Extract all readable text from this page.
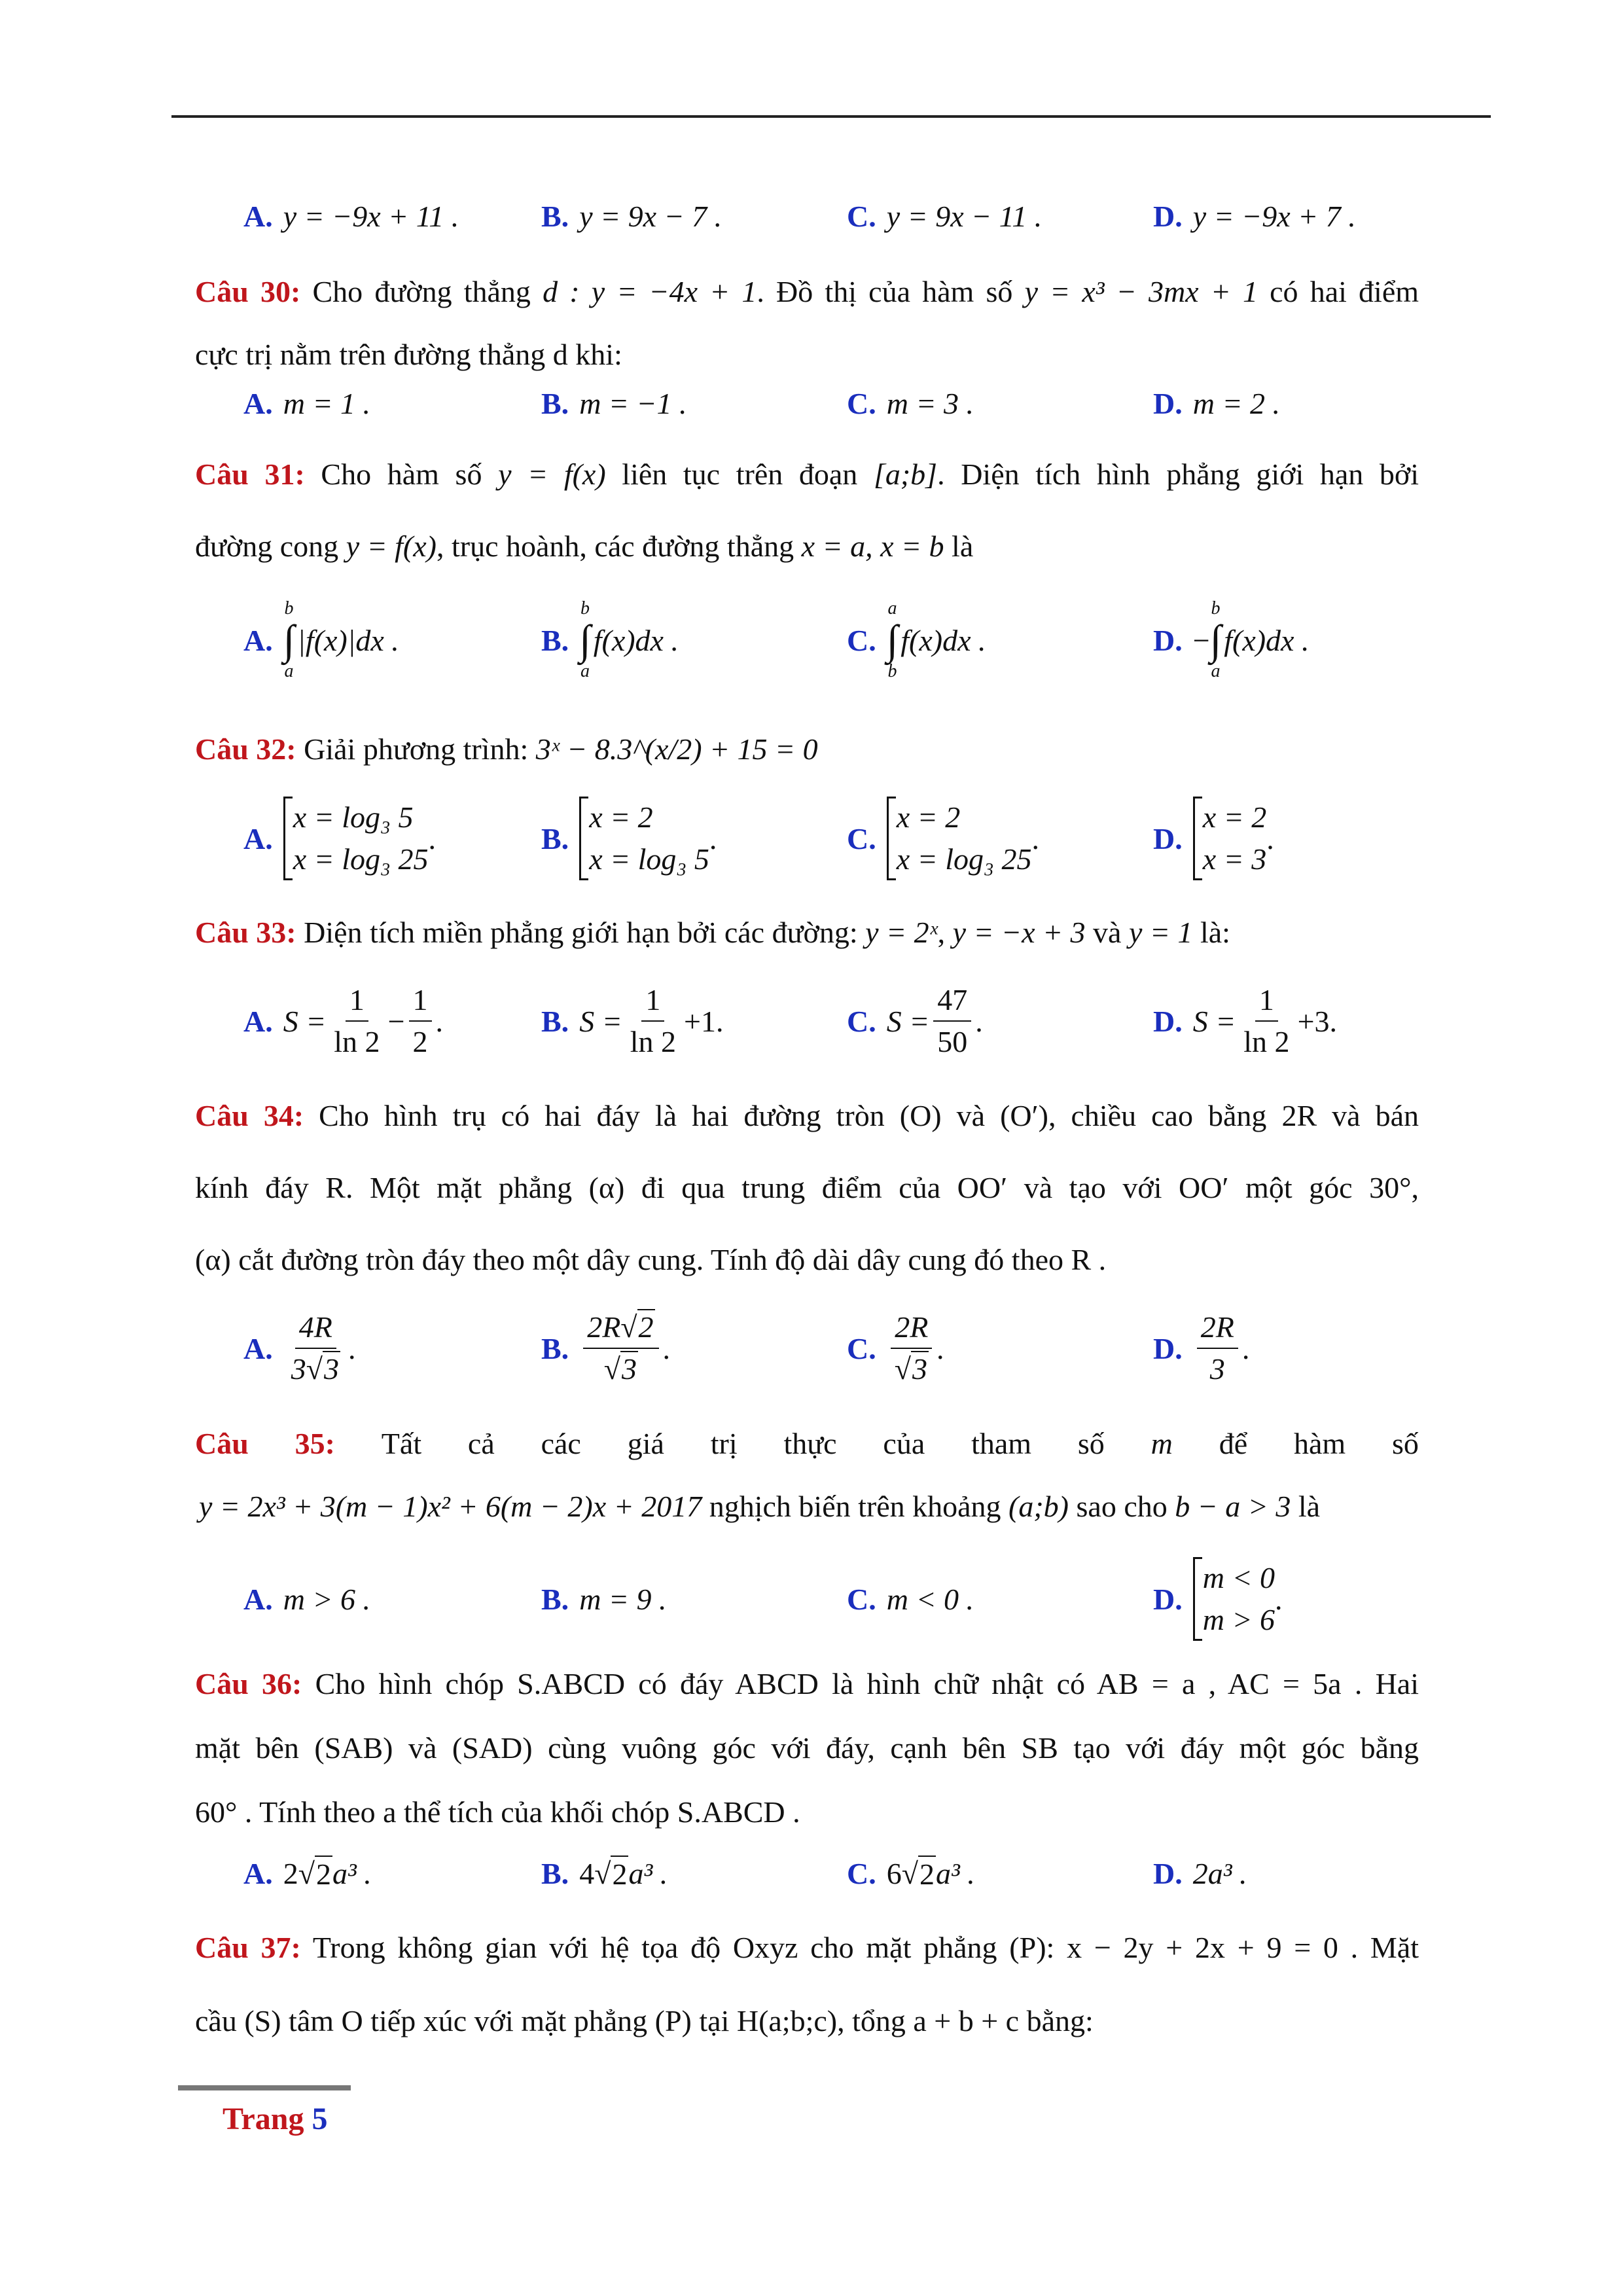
A. y = −9x + 11 .	B. y = 9x − 7 .	C. y = 9x − 11 .	D. y = −9x + 7 .
Câu 30: Cho đường thẳng d : y = −4x + 1. Đồ thị của hàm số y = x³ − 3mx + 1 có hai điểm
cực trị nằm trên đường thẳng d khi:
A. m = 1 .	B. m = −1 .	C. m = 3 .	D. m = 2 .
Câu 31: Cho hàm số y = f(x) liên tục trên đoạn [a;b]. Diện tích hình phẳng giới hạn bởi
đường cong y = f(x), trục hoành, các đường thẳng x = a, x = b là
A.
b
∫
a
|f(x)|dx .	B.
b
∫
a
f(x)dx .	C.
a
∫
b
f(x)dx .	D. −
b
∫
a
f(x)dx .
Câu 32: Giải phương trình: 3ˣ − 8.3^(x/2) + 15 = 0
A.
x = log₃ 5
x = log₃ 25
.	B.
x = 2
x = log₃ 5
.	C.
x = 2
x = log₃ 25
.	D.
x = 2
x = 3
.
Câu 33: Diện tích miền phẳng giới hạn bởi các đường: y = 2ˣ, y = −x + 3 và y = 1 là:
A. $S = \frac{1}{\ln 2} - \frac{1}{2}$ .	B. $S = \frac{1}{\ln 2} +1$ .	C. $S = \frac{47}{50}$ .	D. $S = \frac{1}{\ln 2} +3$ .
Câu 34: Cho hình trụ có hai đáy là hai đường tròn (O) và (O′), chiều cao bằng 2R và bán
kính đáy R. Một mặt phẳng (α) đi qua trung điểm của OO′ và tạo với OO′ một góc 30°,
(α) cắt đường tròn đáy theo một dây cung. Tính độ dài dây cung đó theo R .
A. $\frac{4R}{3√3}$ .	B. $\frac{2R√2}{√3}$ .	C. $\frac{2R}{√3}$ .	D. $\frac{2R}{3}$ .
Câu 35: Tất cả các giá trị thực của tham số m để hàm số
y = 2x³ + 3(m − 1)x² + 6(m − 2)x + 2017 nghịch biến trên khoảng (a;b) sao cho b − a > 3 là
A. m > 6 .	B. m = 9 .	C. m < 0 .	D.
m < 0
m > 6
.
Câu 36: Cho hình chóp S.ABCD có đáy ABCD là hình chữ nhật có AB = a , AC = 5a . Hai
mặt bên (SAB) và (SAD) cùng vuông góc với đáy, cạnh bên SB tạo với đáy một góc bằng
60° . Tính theo a thể tích của khối chóp S.ABCD .
A. 2 √ 2 a³ .	B. 4 √ 2 a³ .	C. 6 √ 2 a³ .	D. 2a³ .
Câu 37: Trong không gian với hệ tọa độ Oxyz cho mặt phẳng (P): x − 2y + 2x + 9 = 0 . Mặt
cầu (S) tâm O tiếp xúc với mặt phẳng (P) tại H(a;b;c), tổng a + b + c bằng:
Trang 5
